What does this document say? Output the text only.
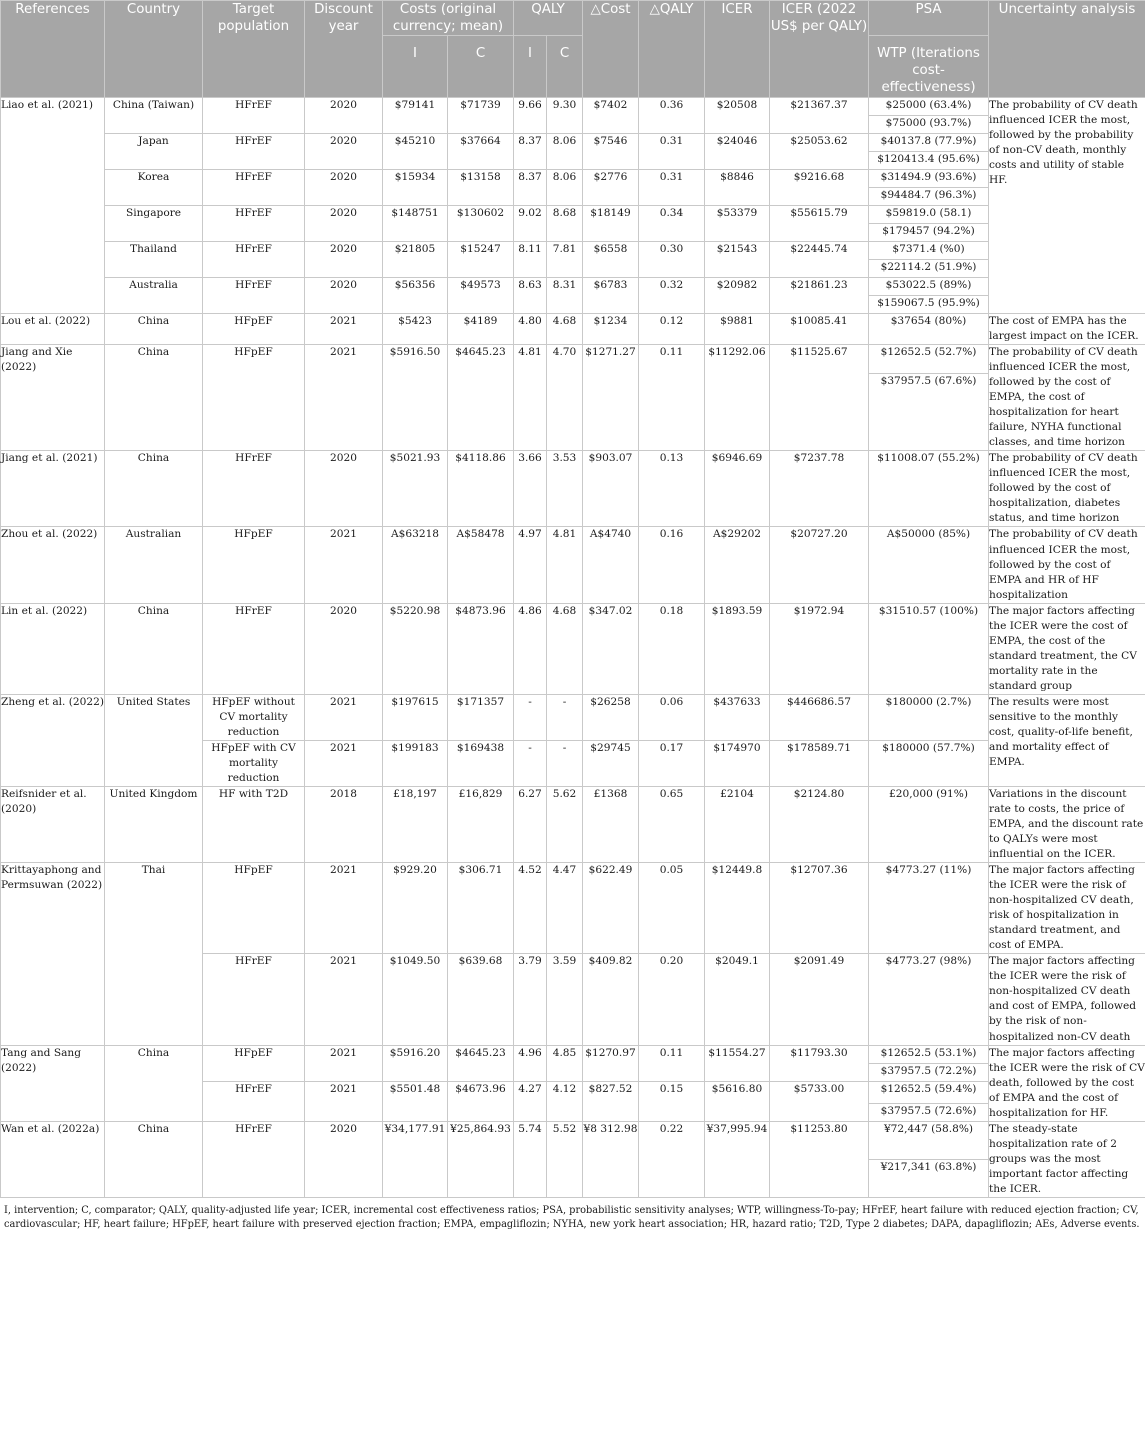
References	Country	Target population	Discount year	Costs (original currency; mean)		QALY		△Cost	△QALY	ICER	ICER (2022 US$ per QALY)	PSA	Uncertainty analysis
				I	C	I	C					WTP (Iterations cost-effectiveness)	
Liao et al. (2021)	China (Taiwan)	HFrEF	2020	$79141	$71739	9.66	9.30	$7402	0.36	$20508	$21367.37	$25000 (63.4%)	The probability of CV death influenced ICER the most, followed by the probability of non-CV death, monthly costs and utility of stable HF.
												$75000 (93.7%)	
	Japan	HFrEF	2020	$45210	$37664	8.37	8.06	$7546	0.31	$24046	$25053.62	$40137.8 (77.9%)	
												$120413.4 (95.6%)	
	Korea	HFrEF	2020	$15934	$13158	8.37	8.06	$2776	0.31	$8846	$9216.68	$31494.9 (93.6%)	
												$94484.7 (96.3%)	
	Singapore	HFrEF	2020	$148751	$130602	9.02	8.68	$18149	0.34	$53379	$55615.79	$59819.0 (58.1)	
												$179457 (94.2%)	
	Thailand	HFrEF	2020	$21805	$15247	8.11	7.81	$6558	0.30	$21543	$22445.74	$7371.4 (%0)	
												$22114.2 (51.9%)	
	Australia	HFrEF	2020	$56356	$49573	8.63	8.31	$6783	0.32	$20982	$21861.23	$53022.5 (89%)	
												$159067.5 (95.9%)	
Lou et al. (2022)	China	HFpEF	2021	$5423	$4189	4.80	4.68	$1234	0.12	$9881	$10085.41	$37654 (80%)	The cost of EMPA has the largest impact on the ICER.
Jiang and Xie (2022)	China	HFpEF	2021	$5916.50	$4645.23	4.81	4.70	$1271.27	0.11	$11292.06	$11525.67	$12652.5 (52.7%)	The probability of CV death influenced ICER the most, followed by the cost of EMPA, the cost of hospitalization for heart failure, NYHA functional classes, and time horizon
												$37957.5 (67.6%)	
Jiang et al. (2021)	China	HFrEF	2020	$5021.93	$4118.86	3.66	3.53	$903.07	0.13	$6946.69	$7237.78	$11008.07 (55.2%)	The probability of CV death influenced ICER the most, followed by the cost of hospitalization, diabetes status, and time horizon
Zhou et al. (2022)	Australian	HFpEF	2021	A$63218	A$58478	4.97	4.81	A$4740	0.16	A$29202	$20727.20	A$50000 (85%)	The probability of CV death influenced ICER the most, followed by the cost of EMPA and HR of HF hospitalization
Lin et al. (2022)	China	HFrEF	2020	$5220.98	$4873.96	4.86	4.68	$347.02	0.18	$1893.59	$1972.94	$31510.57 (100%)	The major factors affecting the ICER were the cost of EMPA, the cost of the standard treatment, the CV mortality rate in the standard group
Zheng et al. (2022)	United States	HFpEF without CV mortality reduction	2021	$197615	$171357	-	-	$26258	0.06	$437633	$446686.57	$180000 (2.7%)	The results were most sensitive to the monthly cost, quality-of-life benefit, and mortality effect of EMPA.
		HFpEF with CV mortality reduction	2021	$199183	$169438	-	-	$29745	0.17	$174970	$178589.71	$180000 (57.7%)	
Reifsnider et al. (2020)	United Kingdom	HF with T2D	2018	£18,197	£16,829	6.27	5.62	£1368	0.65	£2104	$2124.80	£20,000 (91%)	Variations in the discount rate to costs, the price of EMPA, and the discount rate to QALYs were most influential on the ICER.
Krittayaphong and Permsuwan (2022)	Thai	HFpEF	2021	$929.20	$306.71	4.52	4.47	$622.49	0.05	$12449.8	$12707.36	$4773.27 (11%)	The major factors affecting the ICER were the risk of non-hospitalized CV death, risk of hospitalization in standard treatment, and cost of EMPA.
		HFrEF	2021	$1049.50	$639.68	3.79	3.59	$409.82	0.20	$2049.1	$2091.49	$4773.27 (98%)	The major factors affecting the ICER were the risk of non-hospitalized CV death and cost of EMPA, followed by the risk of non-hospitalized non-CV death
Tang and Sang (2022)	China	HFpEF	2021	$5916.20	$4645.23	4.96	4.85	$1270.97	0.11	$11554.27	$11793.30	$12652.5 (53.1%)	The major factors affecting the ICER were the risk of CV death, followed by the cost of EMPA and the cost of hospitalization for HF.
												$37957.5 (72.2%)	
		HFrEF	2021	$5501.48	$4673.96	4.27	4.12	$827.52	0.15	$5616.80	$5733.00	$12652.5 (59.4%)	
												$37957.5 (72.6%)	
Wan et al. (2022a)	China	HFrEF	2020	¥34,177.91	¥25,864.93	5.74	5.52	¥8 312.98	0.22	¥37,995.94	$11253.80	¥72,447 (58.8%)	The steady-state hospitalization rate of 2 groups was the most important factor affecting the ICER.
												¥217,341 (63.8%)	

I, intervention; C, comparator; QALY, quality-adjusted life year; ICER, incremental cost effectiveness ratios; PSA, probabilistic sensitivity analyses; WTP, willingness-To-pay; HFrEF, heart failure with reduced ejection fraction; CV, cardiovascular; HF, heart failure; HFpEF, heart failure with preserved ejection fraction; EMPA, empagliflozin; NYHA, new york heart association; HR, hazard ratio; T2D, Type 2 diabetes; DAPA, dapagliflozin; AEs, Adverse events.
